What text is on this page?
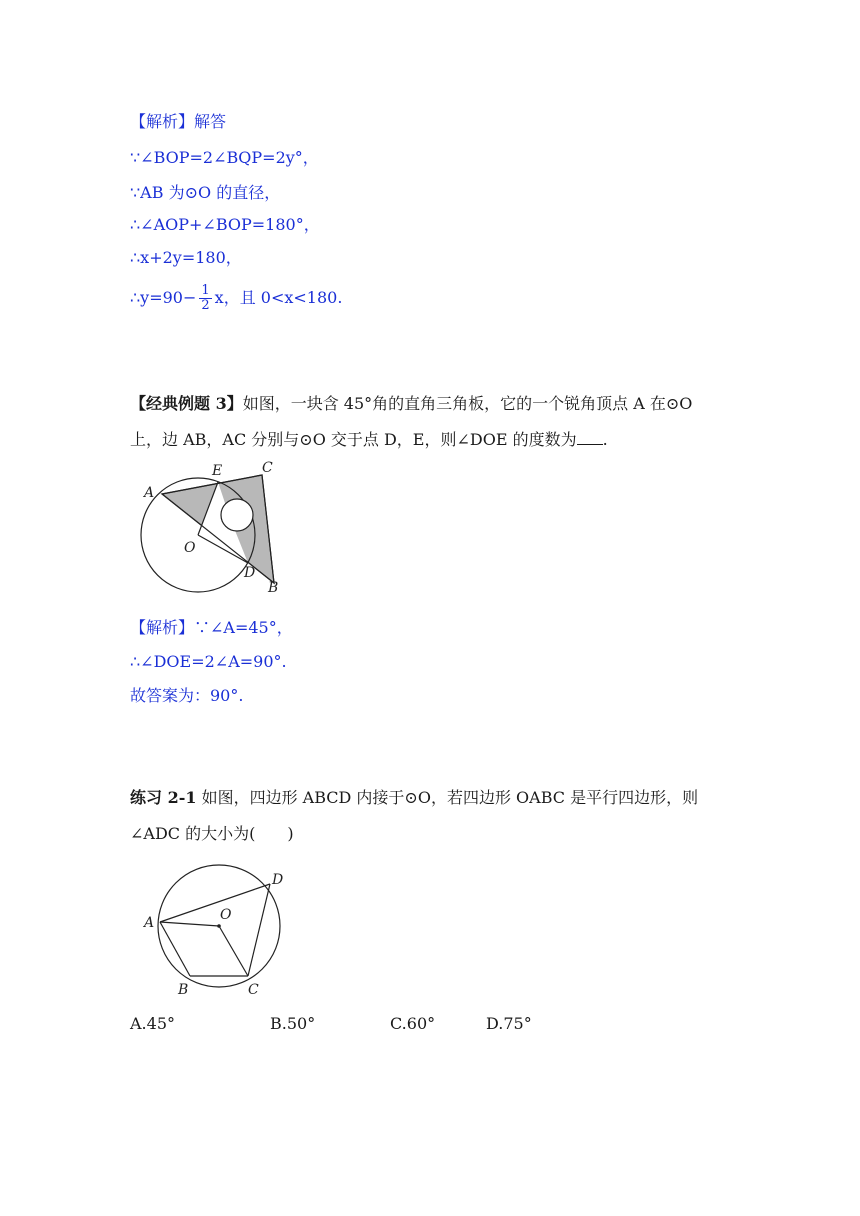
【解析】解答
∵∠BOP=2∠BQP=2y°，
∵AB 为⊙O 的直径，
∴∠AOP+∠BOP=180°，
∴x+2y=180，
∴y=90− $\frac{1}{2}$ x，且 0<x<180.
【经典例题 3】如图，一块含 45°角的直角三角板，它的一个锐角顶点 A 在⊙O
上，边 AB，AC 分别与⊙O 交于点 D，E，则∠DOE 的度数为 .
A
E	C
O
D
B
【解析】∵∠A=45°，
∴∠DOE=2∠A=90°.
故答案为：90°.
练习 2-1 如图，四边形 ABCD 内接于⊙O，若四边形 OABC 是平行四边形，则
∠ADC 的大小为(　　)
A	O
D
B	C
A.45°	B.50°	C.60°	D.75°
